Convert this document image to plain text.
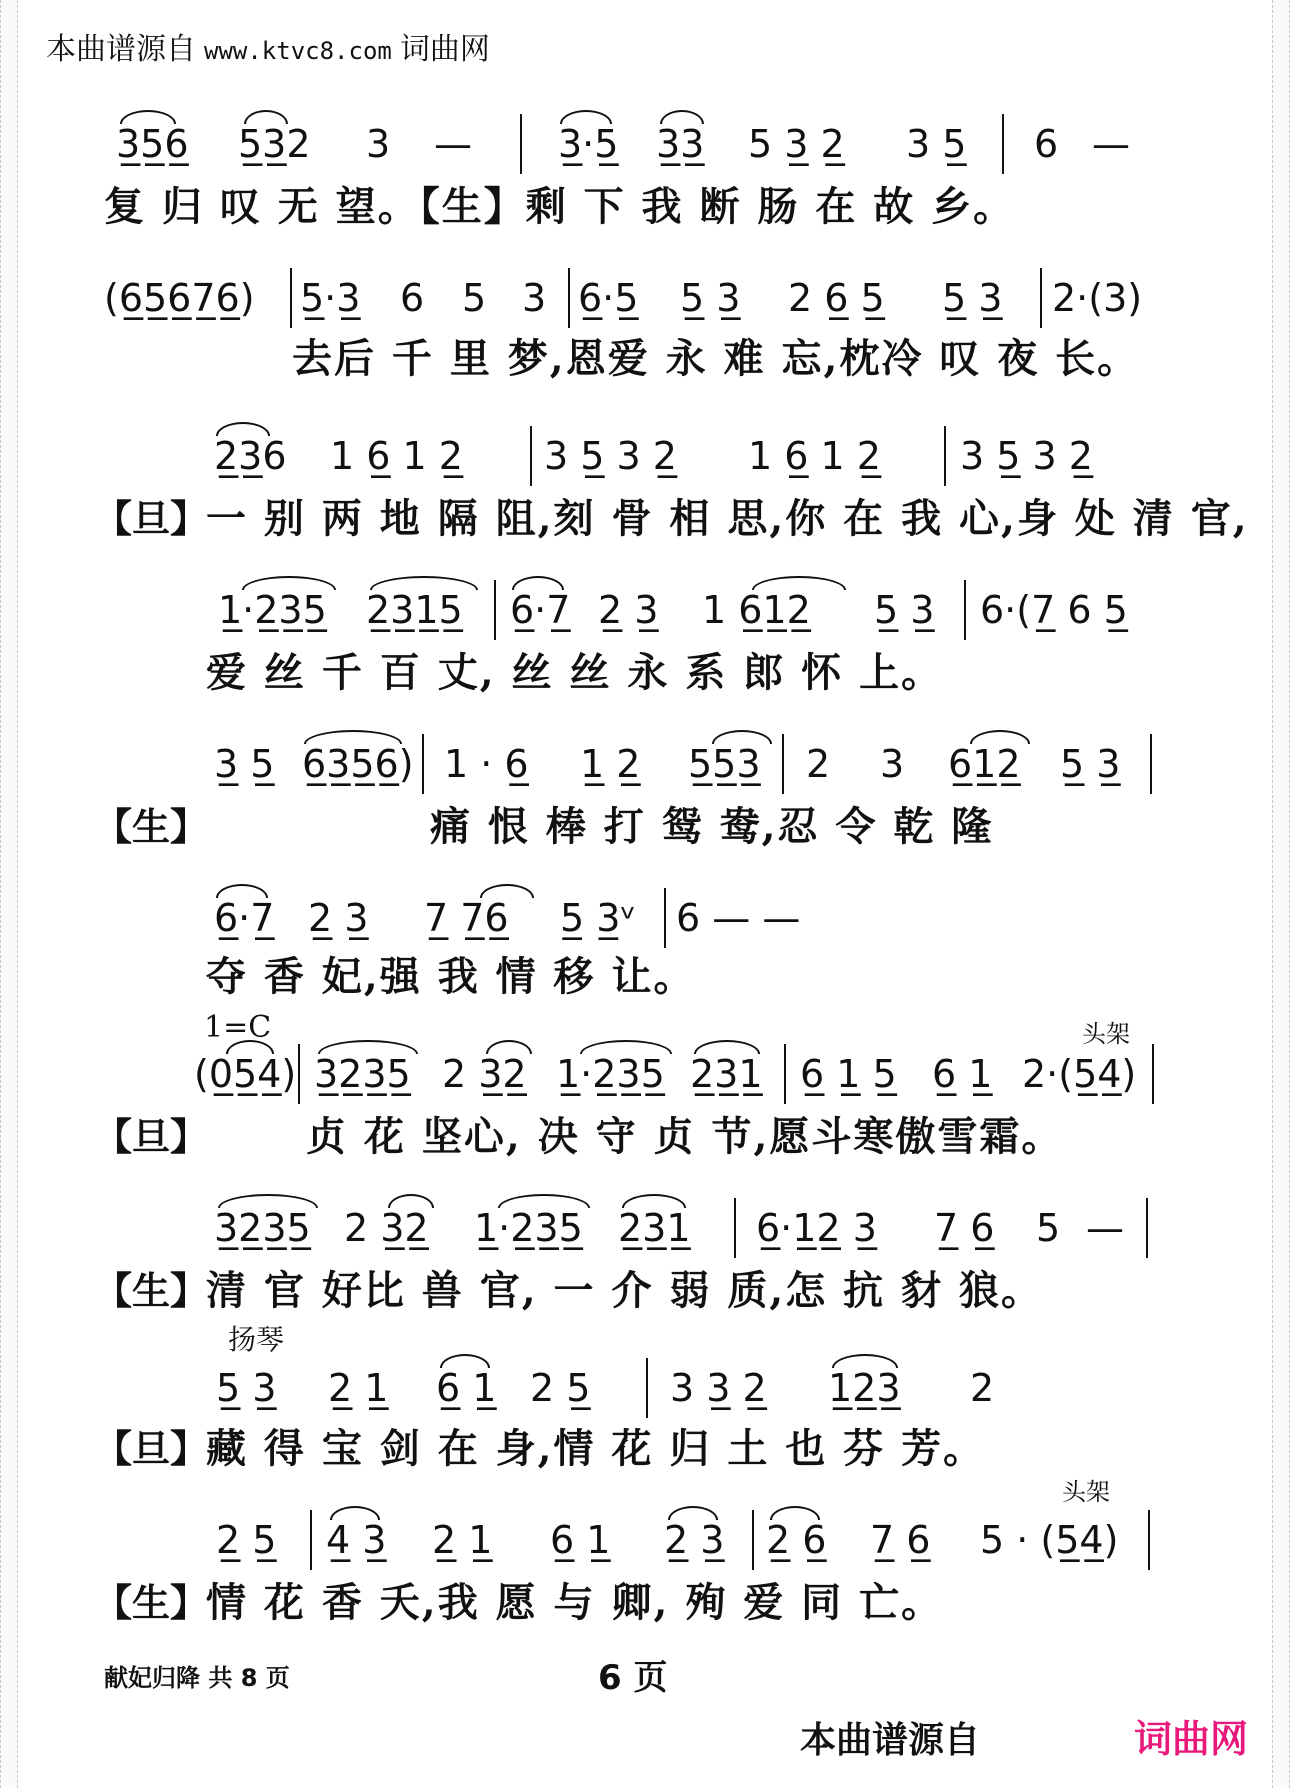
本曲谱源自 www.ktvc8.com 词曲网
3̲5̲6̲ 5̲3̲2 3 — 3̲·5̲ 3̲3̲ 5 3̲ 2̲ 3 5̲ 6 —
复 归 叹 无 望。【生】剩 下 我 断 肠 在 故 乡。
(6̲5̲6̲7̲6̲) 5̲·3̲ 6 5 3 6̲·5̲ 5̲ 3̲ 2 6̲ 5̲ 5̲ 3̲ 2·(3)
去后 千 里 梦,恩爱 永 难 忘,枕冷 叹 夜 长。
2̲3̲6 1 6̲ 1 2̲ 3 5̲ 3 2̲ 1 6̲ 1 2̲ 3 5̲ 3 2̲
【旦】
一 别 两 地 隔 阻,刻 骨 相 思,你 在 我 心,身 处 清 官,
1̲·2̲3̲5̲ 2̲3̲1̲5̲ 6̲·7̲ 2̲ 3̲ 1 6̲1̲2̲ 5̲ 3̲ 6·(7̲ 6 5̲
爱 丝 千 百 丈, 丝 丝 永 系 郎 怀 上。
3̲ 5̲ 6̲3̲5̲6̲) 1 · 6̲ 1̲ 2̲ 5̲5̲3̲ 2 3 6̲1̲2̲ 5̲ 3̲
【生】	痛 恨 棒 打 鸳 鸯,忍 令 乾 隆
6̲·7̲ 2̲ 3̲ 7̲ 7̲6̲ 5̲ 3̲ᵛ 6 — —
夺 香 妃,强 我 情 移 让。
1=C	头架
(0̲5̲4̲) 3̲2̲3̲5̲ 2 3̲2̲ 1̲·2̲3̲5̲ 2̲3̲1̲ 6̲ 1̲ 5̲ 6̲ 1̲ 2·(5̲4̲)
【旦】 贞 花 坚心, 决 守 贞 节,愿斗寒傲雪霜。
3̲2̲3̲5̲ 2 3̲2̲ 1̲·2̲3̲5̲ 2̲3̲1̲ 6̲·1̲2̲ 3̲ 7̲ 6̲ 5 —
【生】
清 官 好比 兽 官, 一 介 弱 质,怎 抗 豺 狼。
扬琴
5̲ 3̲ 2̲ 1̲ 6̲ 1̲ 2 5̲ 3 3̲ 2̲ 1̲2̲3̲ 2
【旦】
藏 得 宝 剑 在 身,情 花 归 土 也 芬 芳。
头架
2̲ 5̲ 4̲ 3̲ 2̲ 1̲ 6̲ 1̲ 2̲ 3̲ 2̲ 6̲ 7̲ 6̲ 5 · (5̲4̲)
【生】
情 花 香 夭,我 愿 与 卿, 殉 爱 同 亡。
献妃归降 共 8 页	6 页
本曲谱源自	词曲网
